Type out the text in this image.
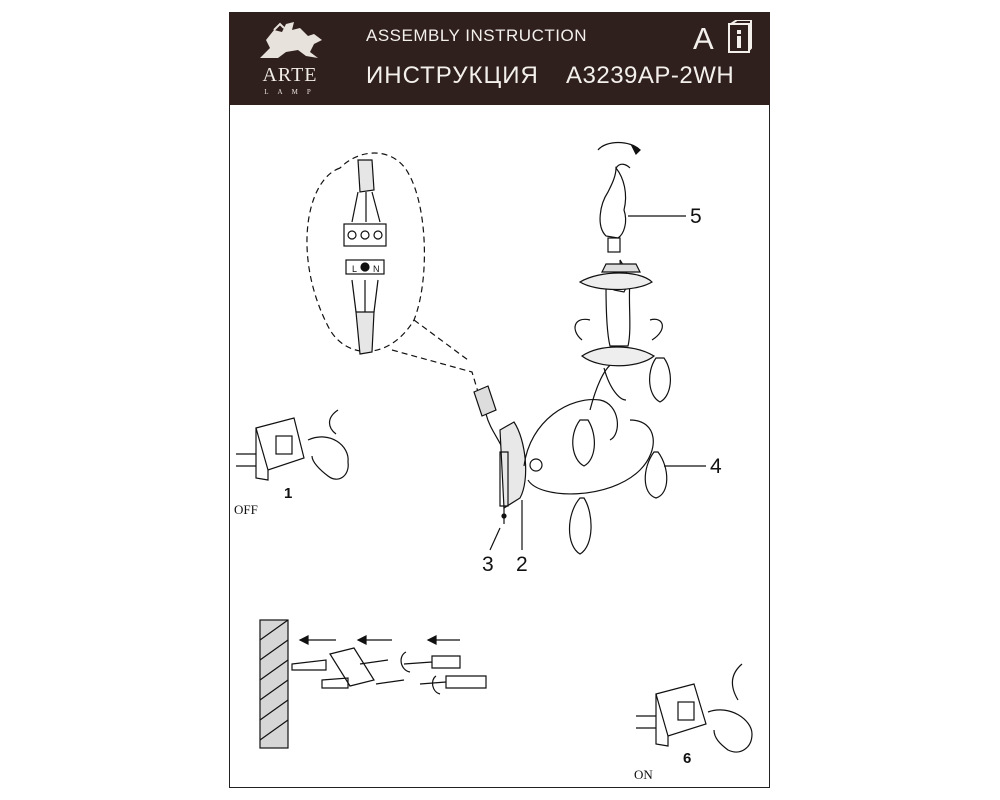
ARTE
LAMP
ASSEMBLY INSTRUCTION
ИНСТРУКЦИЯ A3239AP-2WH
A
L N
5
4
3 2
1
OFF
6
ON
